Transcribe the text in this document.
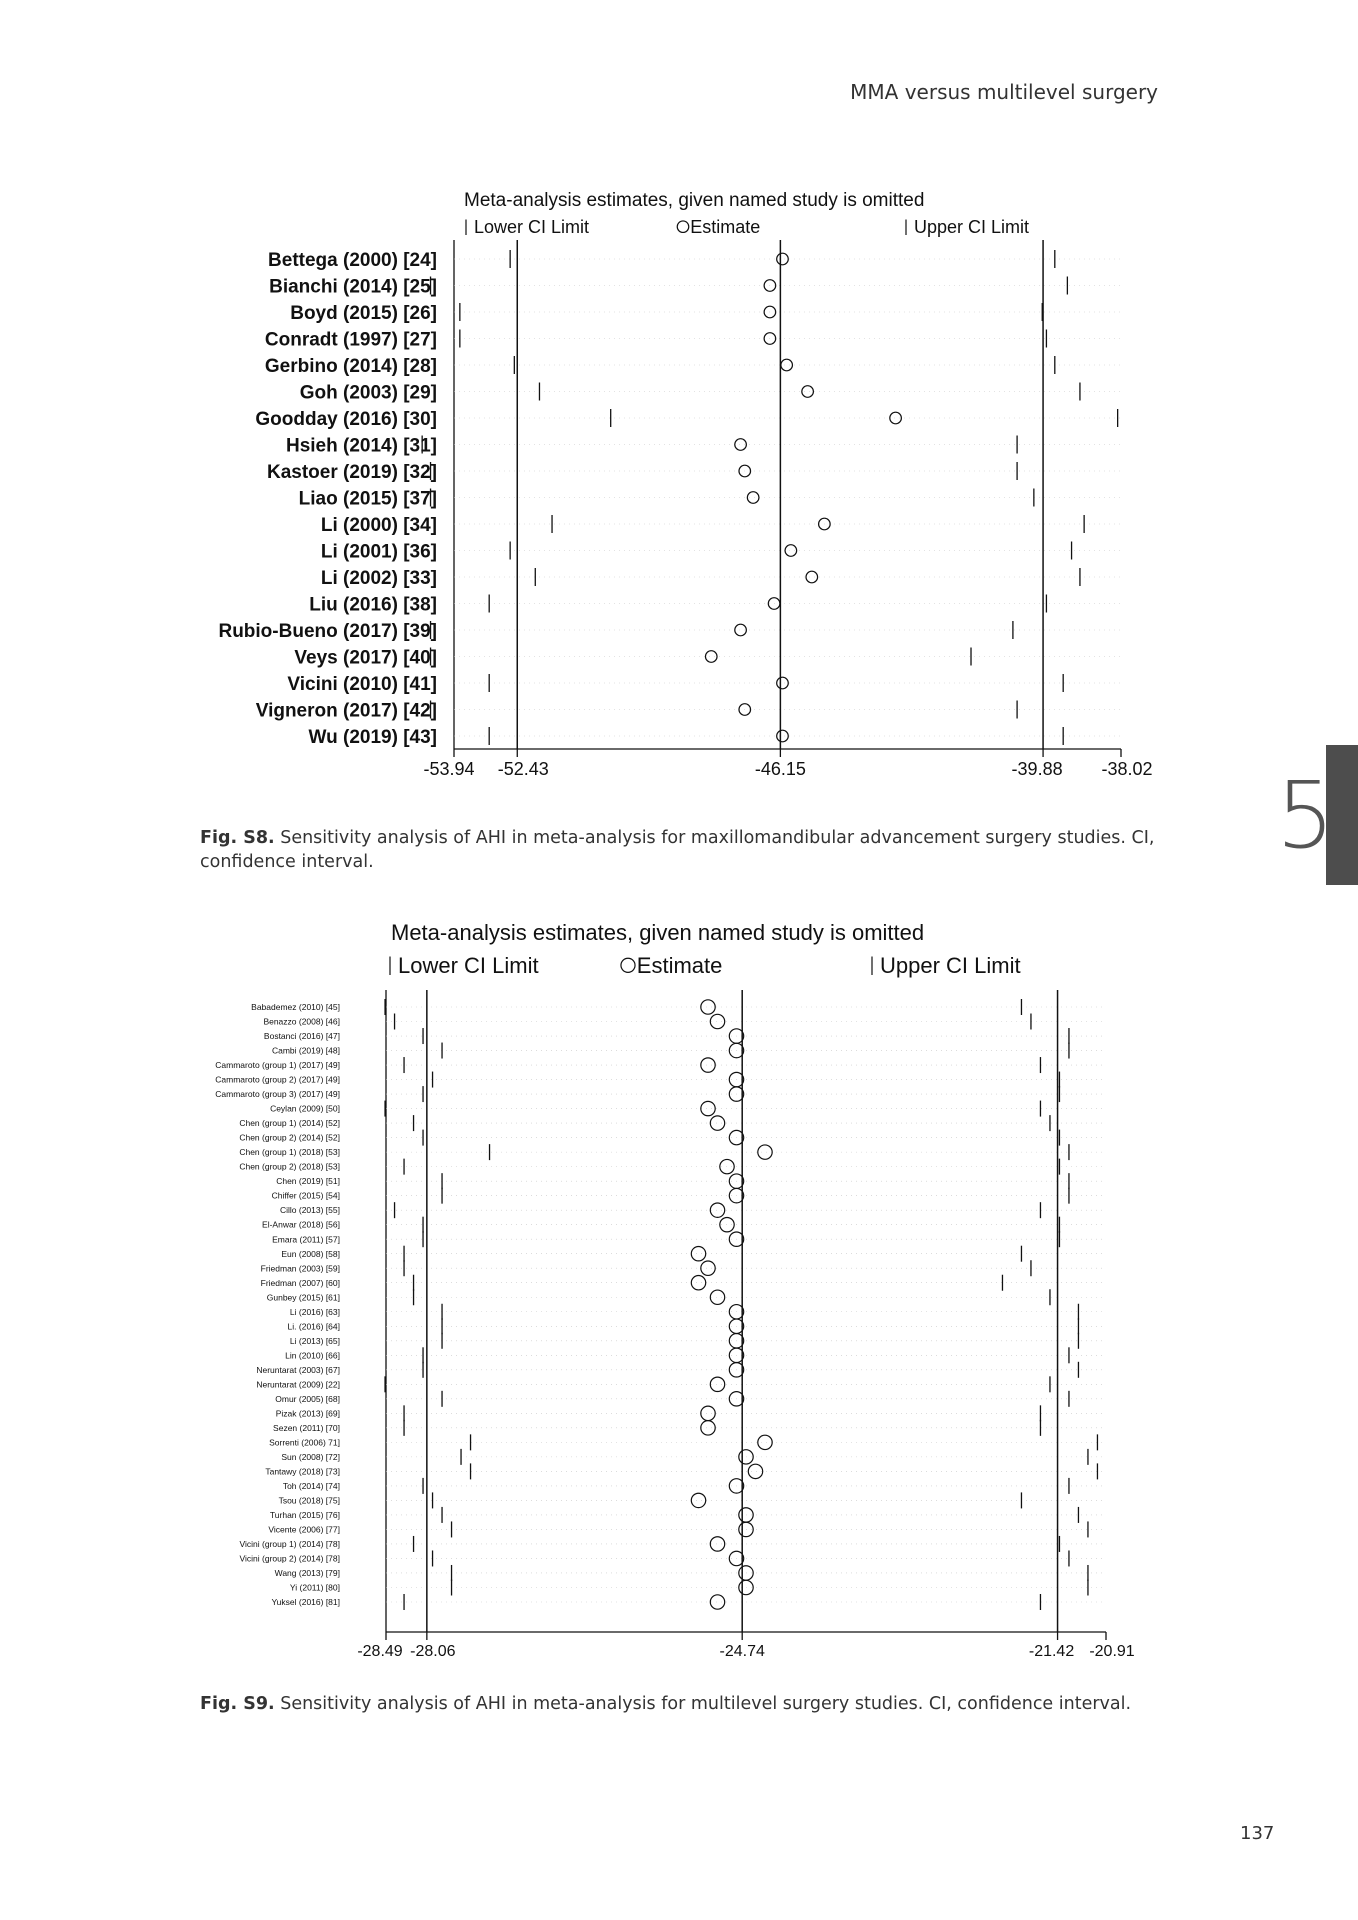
MMA versus multilevel surgery
Meta-analysis estimates, given named study is omitted
Lower CI Limit	Estimate	Upper CI Limit
Bettega (2000) [24]
Bianchi (2014) [25]
Boyd (2015) [26]
Conradt (1997) [27]
Gerbino (2014) [28]
Goh (2003) [29]
Goodday (2016) [30]
Hsieh (2014) [31]
Kastoer (2019) [32]
Liao (2015) [37]
Li (2000) [34]
Li (2001) [36]
Li (2002) [33]
Liu (2016) [38]
Rubio-Bueno (2017) [39]
Veys (2017) [40]
Vicini (2010) [41]
Vigneron (2017) [42]
Wu (2019) [43]
-53.94 -52.43	-46.15	-39.88 -38.02
Fig. S8. Sensitivity analysis of AHI in meta-analysis for maxillomandibular advancement surgery studies. CI, confidence interval.	5
Meta-analysis estimates, given named study is omitted
Lower CI Limit	Estimate	Upper CI Limit
Babademez (2010) [45]
Benazzo (2008) [46]
Bostanci (2016) [47]
Cambi (2019) [48]
Cammaroto (group 1) (2017) [49]
Cammaroto (group 2) (2017) [49]
Cammaroto (group 3) (2017) [49]
Ceylan (2009) [50]
Chen (group 1) (2014) [52]
Chen (group 2) (2014) [52]
Chen (group 1) (2018) [53]
Chen (group 2) (2018) [53]
Chen (2019) [51]
Chiffer (2015) [54]
Cillo (2013) [55]
El-Anwar (2018) [56]
Emara (2011) [57]
Eun (2008) [58]
Friedman (2003) [59]
Friedman (2007) [60]
Gunbey (2015) [61]
Li (2016) [63]
Li. (2016) [64]
Li (2013) [65]
Lin (2010) [66]
Neruntarat (2003) [67]
Neruntarat (2009) [22]
Omur (2005) [68]
Pizak (2013) [69]
Sezen (2011) [70]
Sorrenti (2006) 71]
Sun (2008) [72]
Tantawy (2018) [73]
Toh (2014) [74]
Tsou (2018) [75]
Turhan (2015) [76]
Vicente (2006) [77]
Vicini (group 1) (2014) [78]
Vicini (group 2) (2014) [78]
Wang (2013) [79]
Yi (2011) [80]
Yuksel (2016) [81]
-28.49 -28.06	-24.74	-21.42 -20.91
Fig. S9. Sensitivity analysis of AHI in meta-analysis for multilevel surgery studies. CI, confidence interval.
137
